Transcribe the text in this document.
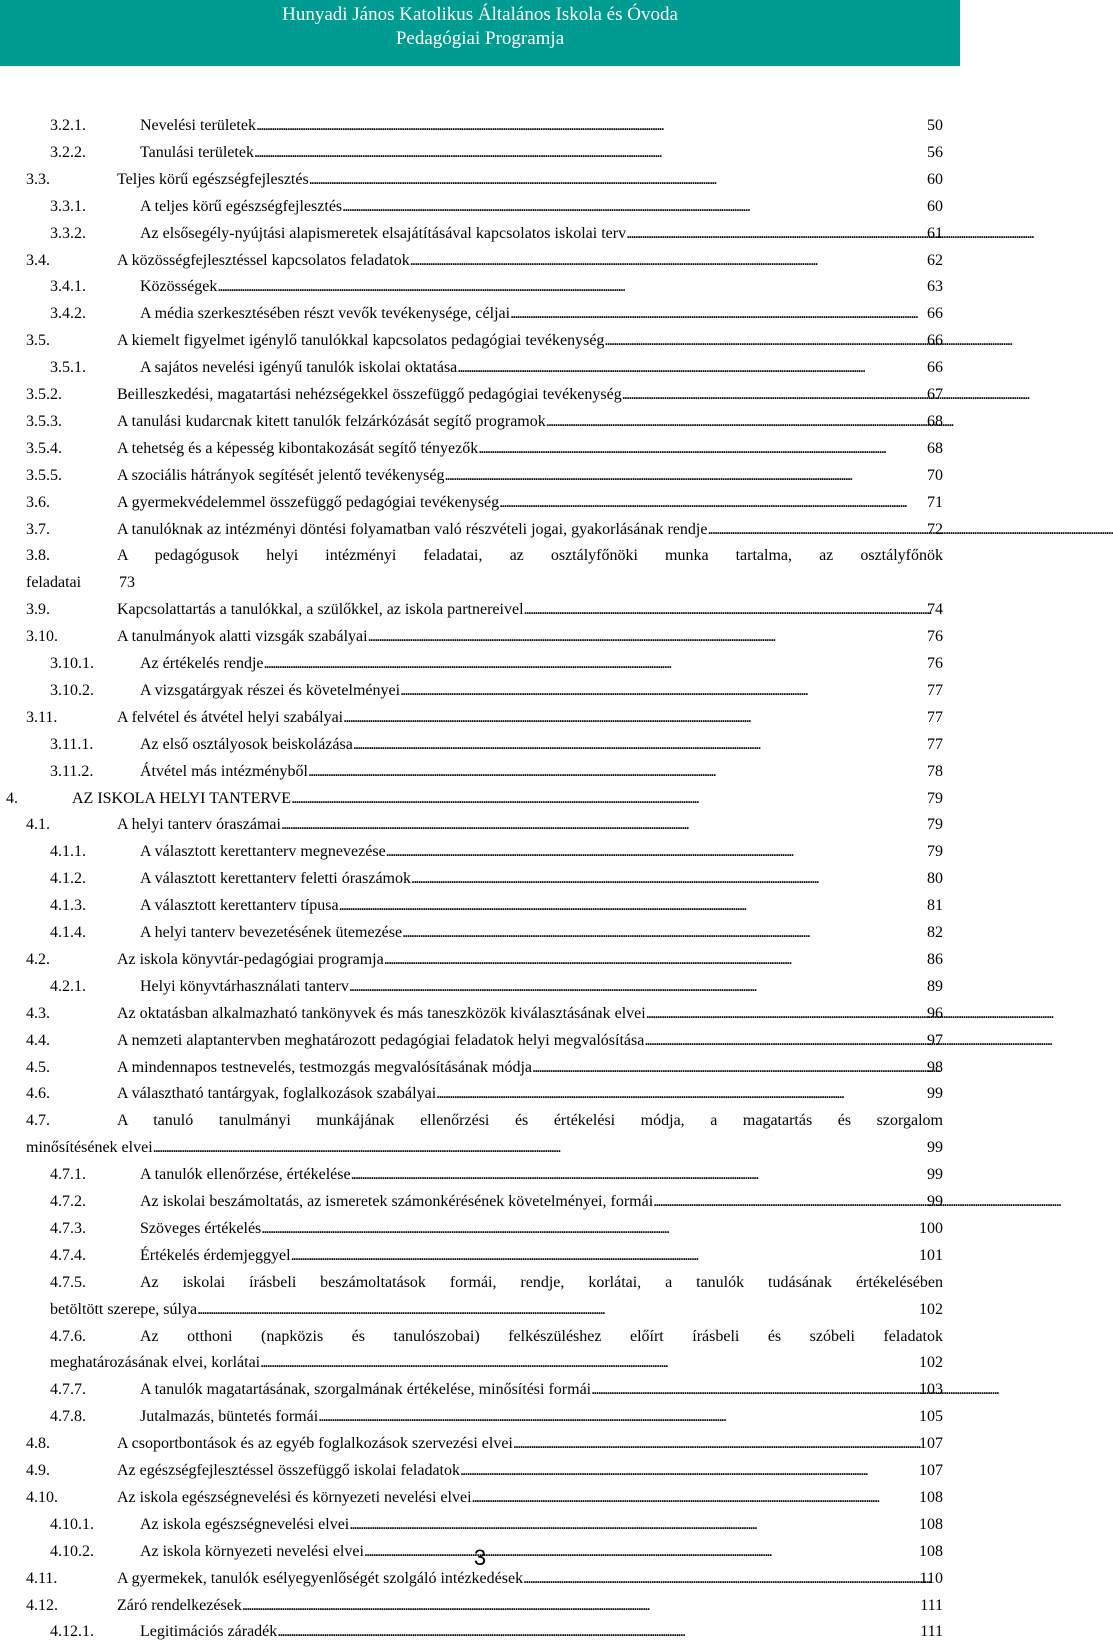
Hunyadi János Katolikus Általános Iskola és Óvoda
Pedagógiai Programja
3.2.1.	Nevelési területek . . .	50
3.2.2.	Tanulási területek . . .	56
3.3.	Teljes körű egészségfejlesztés . . .	60
3.3.1.	A teljes körű egészségfejlesztés . . .	60
3.3.2.	Az elsősegély-nyújtási alapismeretek elsajátításával kapcsolatos iskolai terv . . .	61
3.4.	A közösségfejlesztéssel kapcsolatos feladatok . . .	62
3.4.1.	Közösségek . . .	63
3.4.2.	A média szerkesztésében részt vevők tevékenysége, céljai . . .	66
3.5.	A kiemelt figyelmet igénylő tanulókkal kapcsolatos pedagógiai tevékenység . . .	66
3.5.1.	A sajátos nevelési igényű tanulók iskolai oktatása . . .	66
3.5.2.	Beilleszkedési, magatartási nehézségekkel összefüggő pedagógiai tevékenység . . .	67
3.5.3.	A tanulási kudarcnak kitett tanulók felzárkózását segítő programok . . .	68
3.5.4.	A tehetség és a képesség kibontakozását segítő tényezők . . .	68
3.5.5.	A szociális hátrányok segítését jelentő tevékenység . . .	70
3.6.	A gyermekvédelemmel összefüggő pedagógiai tevékenység . . .	71
3.7.	A tanulóknak az intézményi döntési folyamatban való részvételi jogai, gyakorlásának rendje . . .	72
3.8.	A pedagógusok helyi intézményi feladatai, az osztályfőnöki munka tartalma, az osztályfőnök
feladatai	73
3.9.	Kapcsolattartás a tanulókkal, a szülőkkel, az iskola partnereivel . . .	74
3.10.	A tanulmányok alatti vizsgák szabályai . . .	76
3.10.1.	Az értékelés rendje . . .	76
3.10.2.	A vizsgatárgyak részei és követelményei . . .	77
3.11.	A felvétel és átvétel helyi szabályai . . .	77
3.11.1.	Az első osztályosok beiskolázása . . .	77
3.11.2.	Átvétel más intézményből . . .	78
4.	AZ ISKOLA HELYI TANTERVE . . .	79
4.1.	A helyi tanterv óraszámai . . .	79
4.1.1.	A választott kerettanterv megnevezése . . .	79
4.1.2.	A választott kerettanterv feletti óraszámok . . .	80
4.1.3.	A választott kerettanterv típusa . . .	81
4.1.4.	A helyi tanterv bevezetésének ütemezése . . .	82
4.2.	Az iskola könyvtár-pedagógiai programja . . .	86
4.2.1.	Helyi könyvtárhasználati tanterv . . .	89
4.3.	Az oktatásban alkalmazható tankönyvek és más taneszközök kiválasztásának elvei . . .	96
4.4.	A nemzeti alaptantervben meghatározott pedagógiai feladatok helyi megvalósítása . . .	97
4.5.	A mindennapos testnevelés, testmozgás megvalósításának módja . . .	98
4.6.	A választható tantárgyak, foglalkozások szabályai . . .	99
4.7.	A tanuló tanulmányi munkájának ellenőrzési és értékelési módja, a magatartás és szorgalom
minősítésének elvei . . .	99
4.7.1.	A tanulók ellenőrzése, értékelése . . .	99
4.7.2.	Az iskolai beszámoltatás, az ismeretek számonkérésének követelményei, formái . . .	99
4.7.3.	Szöveges értékelés . . .	100
4.7.4.	Értékelés érdemjeggyel . . .	101
4.7.5.	Az iskolai írásbeli beszámoltatások formái, rendje, korlátai, a tanulók tudásának értékelésében
betöltött szerepe, súlya . . .	102
4.7.6.	Az otthoni (napközis és tanulószobai) felkészüléshez előírt írásbeli és szóbeli feladatok
meghatározásának elvei, korlátai . . .	102
4.7.7.	A tanulók magatartásának, szorgalmának értékelése, minősítési formái . . .	103
4.7.8.	Jutalmazás, büntetés formái . . .	105
4.8.	A csoportbontások és az egyéb foglalkozások szervezési elvei . . .	107
4.9.	Az egészségfejlesztéssel összefüggő iskolai feladatok . . .	107
4.10.	Az iskola egészségnevelési és környezeti nevelési elvei . . .	108
4.10.1.	Az iskola egészségnevelési elvei . . .	108
4.10.2.	Az iskola környezeti nevelési elvei . . .	108
4.11.	A gyermekek, tanulók esélyegyenlőségét szolgáló intézkedések . . .	110
4.12.	Záró rendelkezések . . .	111
4.12.1.	Legitimációs záradék . . .	111
3
